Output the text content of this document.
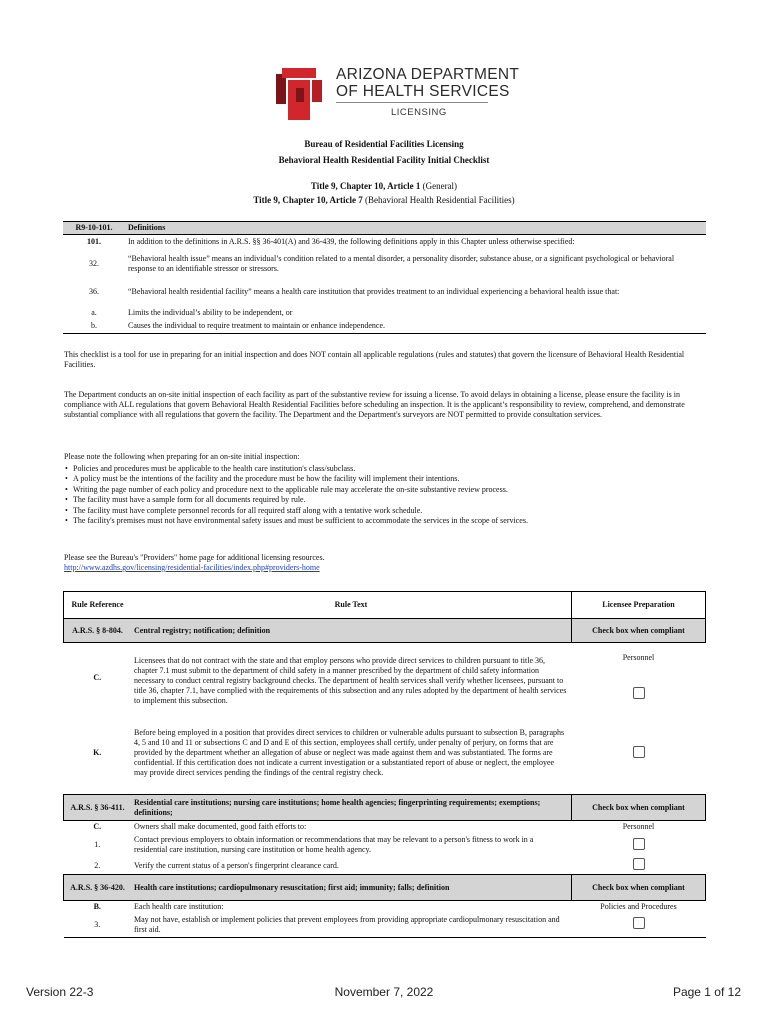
ARIZONA DEPARTMENT
OF HEALTH SERVICES
LICENSING
Bureau of Residential Facilities Licensing
Behavioral Health Residential Facility Initial Checklist
Title 9, Chapter 10, Article 1 (General)
Title 9, Chapter 10, Article 7 (Behavioral Health Residential Facilities)
R9-10-101.	Definitions
101.	In addition to the definitions in A.R.S. §§ 36-401(A) and 36-439, the following definitions apply in this Chapter unless otherwise specified:
32.	“Behavioral health issue” means an individual’s condition related to a mental disorder, a personality disorder, substance abuse, or a significant psychological or behavioral response to an identifiable stressor or stressors.
36.	“Behavioral health residential facility” means a health care institution that provides treatment to an individual experiencing a behavioral health issue that:
a.	Limits the individual’s ability to be independent, or
b.	Causes the individual to require treatment to maintain or enhance independence.
This checklist is a tool for use in preparing for an initial inspection and does NOT contain all applicable regulations (rules and statutes) that govern the licensure of Behavioral Health Residential Facilities.
The Department conducts an on-site initial inspection of each facility as part of the substantive review for issuing a license. To avoid delays in obtaining a license, please ensure the facility is in compliance with ALL regulations that govern Behavioral Health Residential Facilities before scheduling an inspection. It is the applicant’s responsibility to review, comprehend, and demonstrate substantial compliance with all regulations that govern the facility. The Department and the Department's surveyors are NOT permitted to provide consultation services.
Please note the following when preparing for an on-site initial inspection:
• Policies and procedures must be applicable to the health care institution's class/subclass.
• A policy must be the intentions of the facility and the procedure must be how the facility will implement their intentions.
• Writing the page number of each policy and procedure next to the applicable rule may accelerate the on-site substantive review process.
• The facility must have a sample form for all documents required by rule.
• The facility must have complete personnel records for all required staff along with a tentative work schedule.
• The facility's premises must not have environmental safety issues and must be sufficient to accommodate the services in the scope of services.
Please see the Bureau's "Providers" home page for additional licensing resources.
http://www.azdhs.gov/licensing/residential-facilities/index.php#providers-home
Rule Reference	Rule Text	Licensee Preparation
A.R.S. § 8-804.	Central registry; notification; definition	Check box when compliant
C.	Licensees that do not contract with the state and that employ persons who provide direct services to children pursuant to title 36, chapter 7.1 must submit to the department of child safety in a manner prescribed by the department of child safety information necessary to conduct central registry background checks. The department of health services shall verify whether licensees, pursuant to title 36, chapter 7.1, have complied with the requirements of this subsection and any rules adopted by the department of health services to implement this subsection.	Personnel

K.	Before being employed in a position that provides direct services to children or vulnerable adults pursuant to subsection B, paragraphs 4, 5 and 10 and 11 or subsections C and D and E of this section, employees shall certify, under penalty of perjury, on forms that are provided by the department whether an allegation of abuse or neglect was made against them and was substantiated. The forms are confidential. If this certification does not indicate a current investigation or a substantiated report of abuse or neglect, the employee may provide direct services pending the findings of the central registry check.	
A.R.S. § 36-411.	Residential care institutions; nursing care institutions; home health agencies; fingerprinting requirements; exemptions; definitions;	Check box when compliant
C.	Owners shall make documented, good faith efforts to:	Personnel
1.	Contact previous employers to obtain information or recommendations that may be relevant to a person's fitness to work in a residential care institution, nursing care institution or home health agency.	
2.	Verify the current status of a person's fingerprint clearance card.	
A.R.S. § 36-420.	Health care institutions; cardiopulmonary resuscitation; first aid; immunity; falls; definition	Check box when compliant
B.	Each health care institution:	Policies and Procedures
3.	May not have, establish or implement policies that prevent employees from providing appropriate cardiopulmonary resuscitation and first aid.	
Version 22-3	November 7, 2022	Page 1 of 12
